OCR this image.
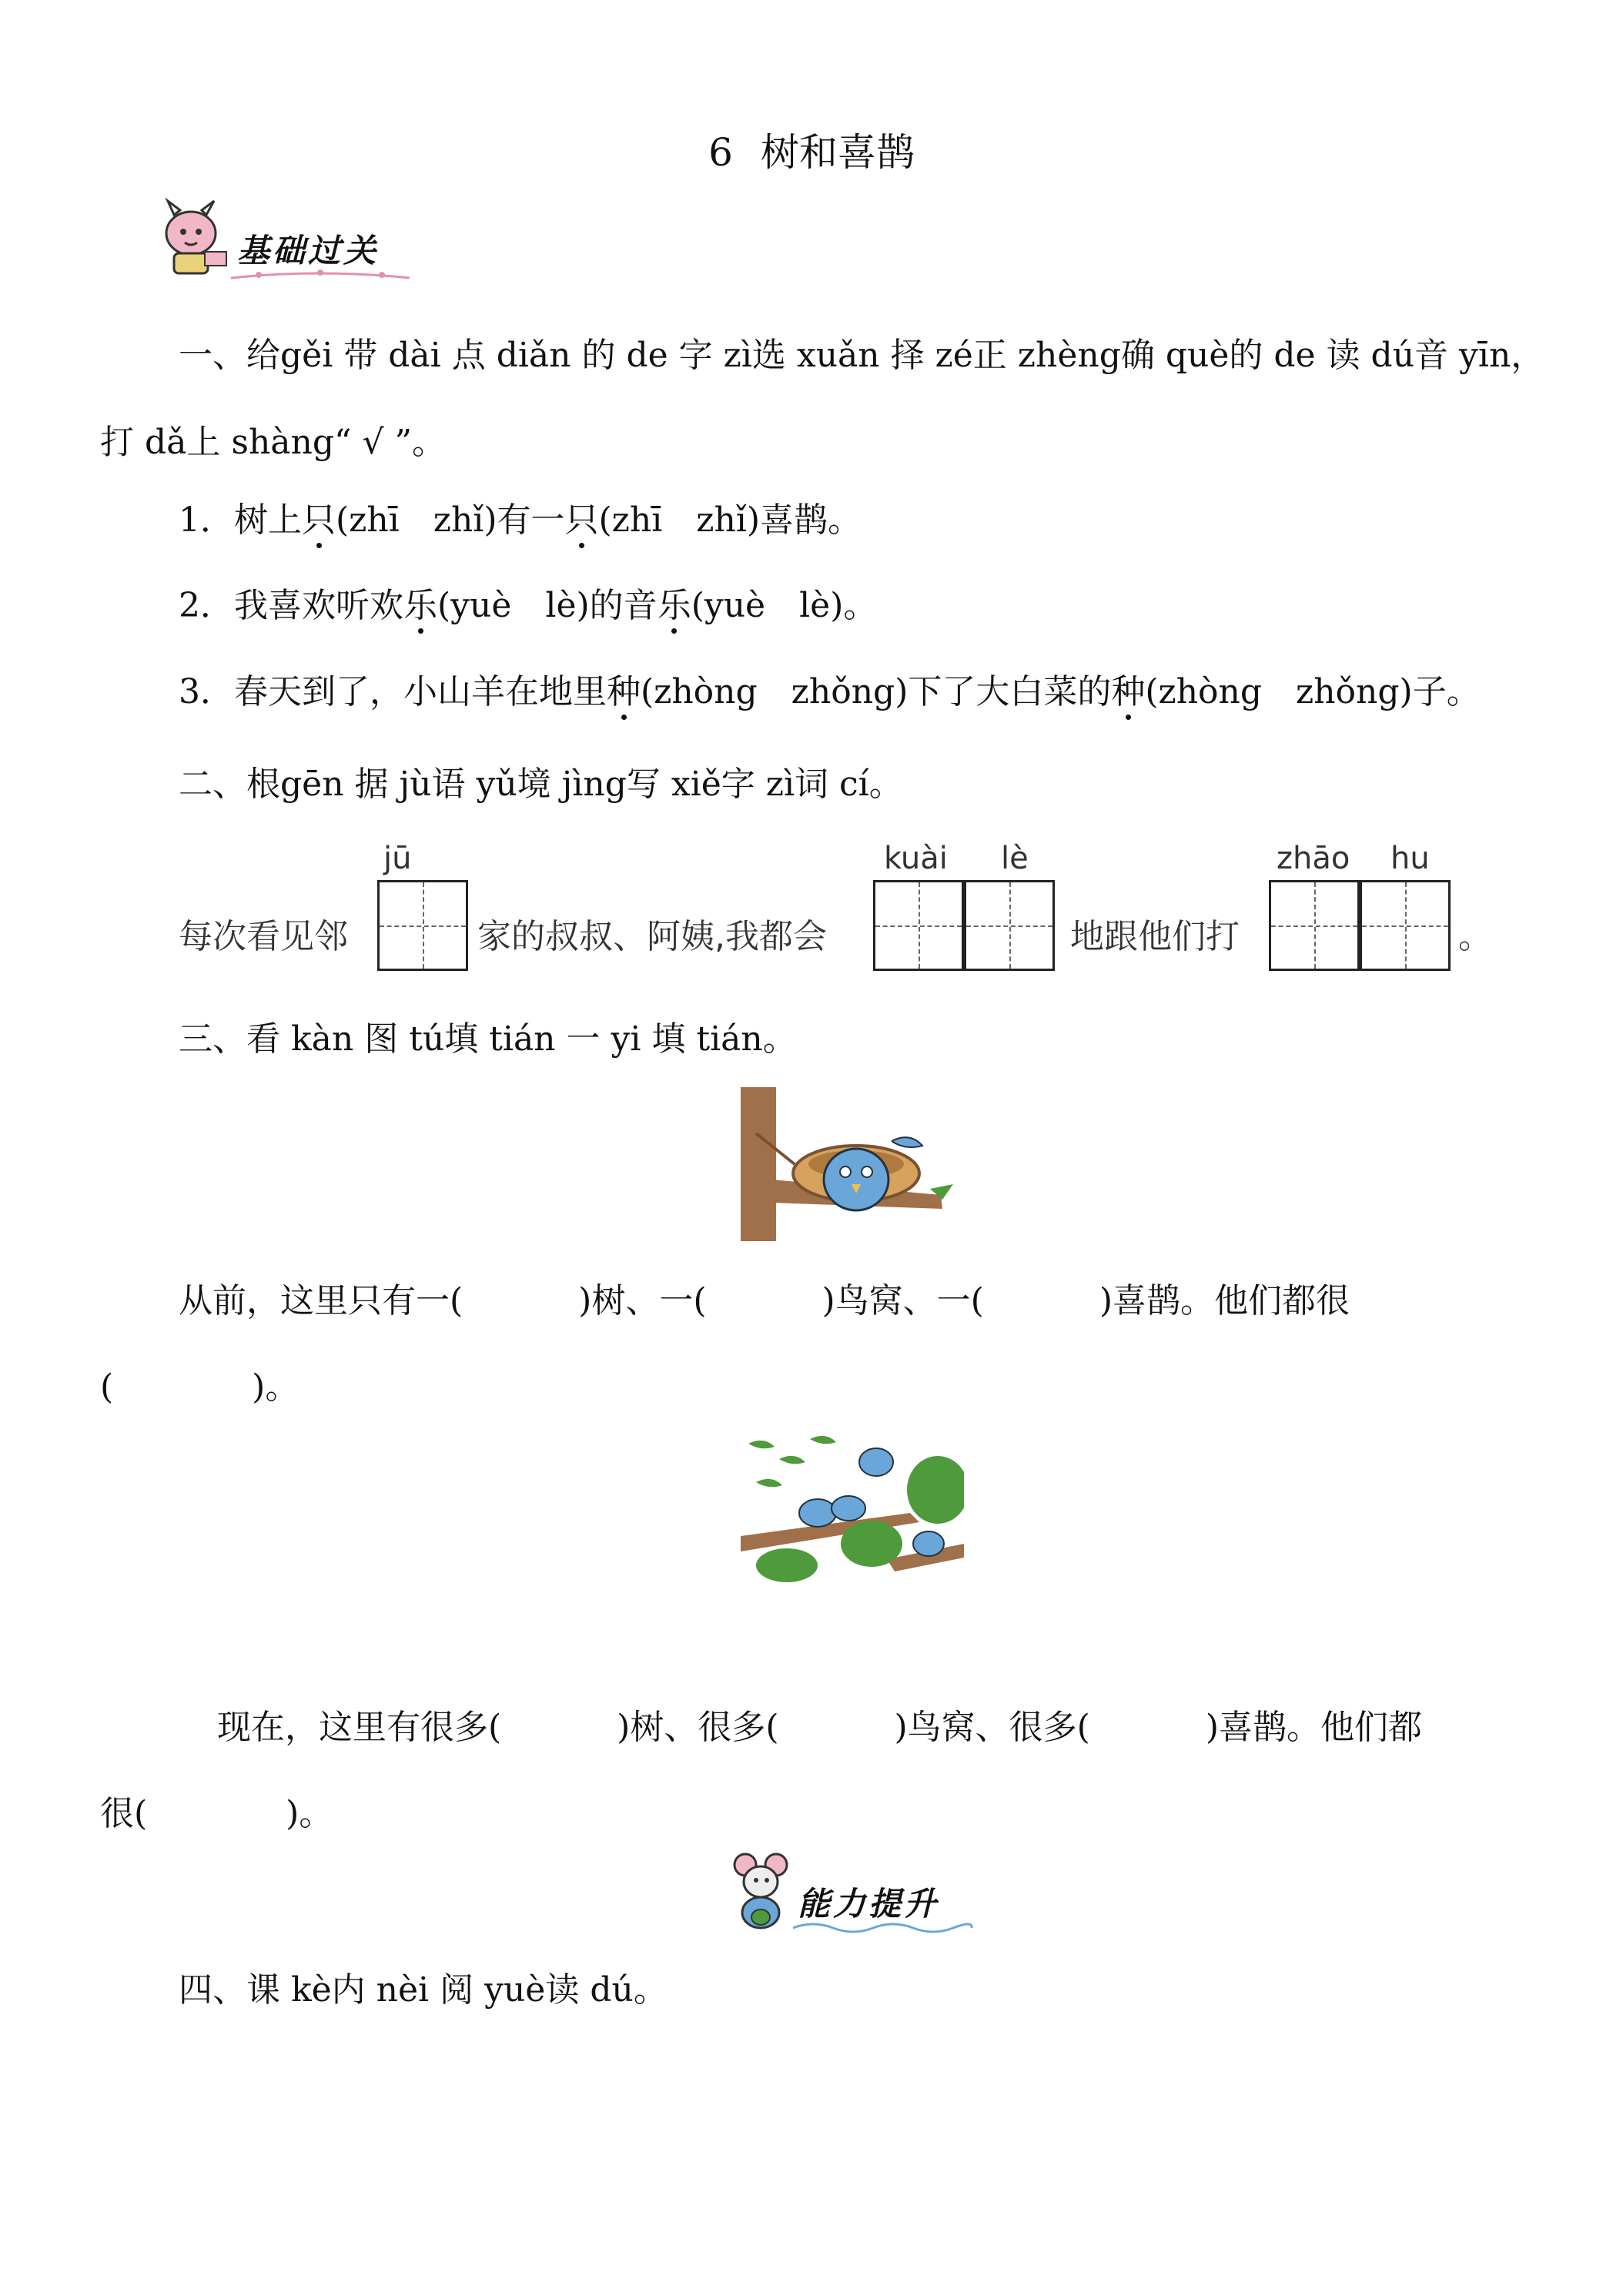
6 树和喜鹊
基础过关
一、给gěi 带 dài 点 diǎn 的 de 字 zì选 xuǎn 择 zé正 zhèng确 què的 de 读 dú音 yīn，
打 dǎ上 shàng“ √ ”。
1．树上只(zhī　zhǐ)有一只(zhī　zhǐ)喜鹊。
2．我喜欢听欢乐(yuè　lè)的音乐(yuè　lè)。
3．春天到了，小山羊在地里种(zhòng　zhǒng)下了大白菜的种(zhòng　zhǒng)子。
二、根gēn 据 jù语 yǔ境 jìng写 xiě字 zì词 cí。
jū	kuài lè	zhāo hu
每次看见邻	家的叔叔、阿姨,我都会	地跟他们打	。
三、看 kàn 图 tú填 tián 一 yi 填 tián。
从前，这里只有一(	)树、一(	)鸟窝、一(	)喜鹊。他们都很
(	)。
现在，这里有很多(	)树、很多(	)鸟窝、很多(	)喜鹊。他们都
很(	)。
能力提升
四、课 kè内 nèi 阅 yuè读 dú。
